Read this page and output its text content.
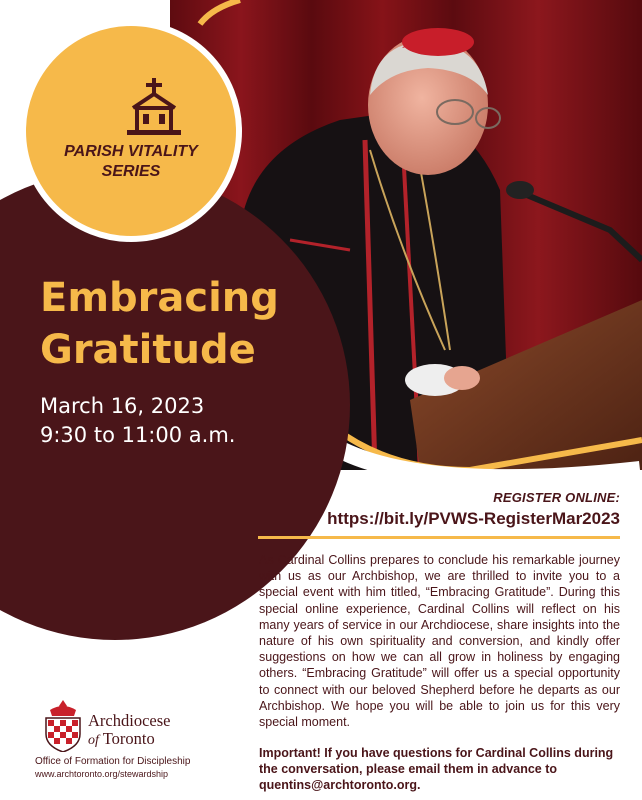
PARISH VITALITY
SERIES
Embracing
Gratitude
March 16, 2023
9:30 to 11:00 a.m.
REGISTER ONLINE:
https://bit.ly/PVWS-RegisterMar2023
As Cardinal Collins prepares to conclude his remarkable journey with us as our Archbishop, we are thrilled to invite you to a special event with him titled, “Embracing Gratitude”. During this special online experience, Cardinal Collins will reflect on his many years of service in our Archdiocese, share insights into the nature of his own spirituality and conversion, and kindly offer suggestions on how we can all grow in holiness by engaging others. “Embracing Gratitude” will offer us a special opportunity to connect with our beloved Shepherd before he departs as our Archbishop. We hope you will be able to join us for this very special moment.
Important! If you have questions for Cardinal Collins during the conversation, please email them in advance to quentins@archtoronto.org.
Archdiocese
of Toronto
Office of Formation for Discipleship
www.archtoronto.org/stewardship
